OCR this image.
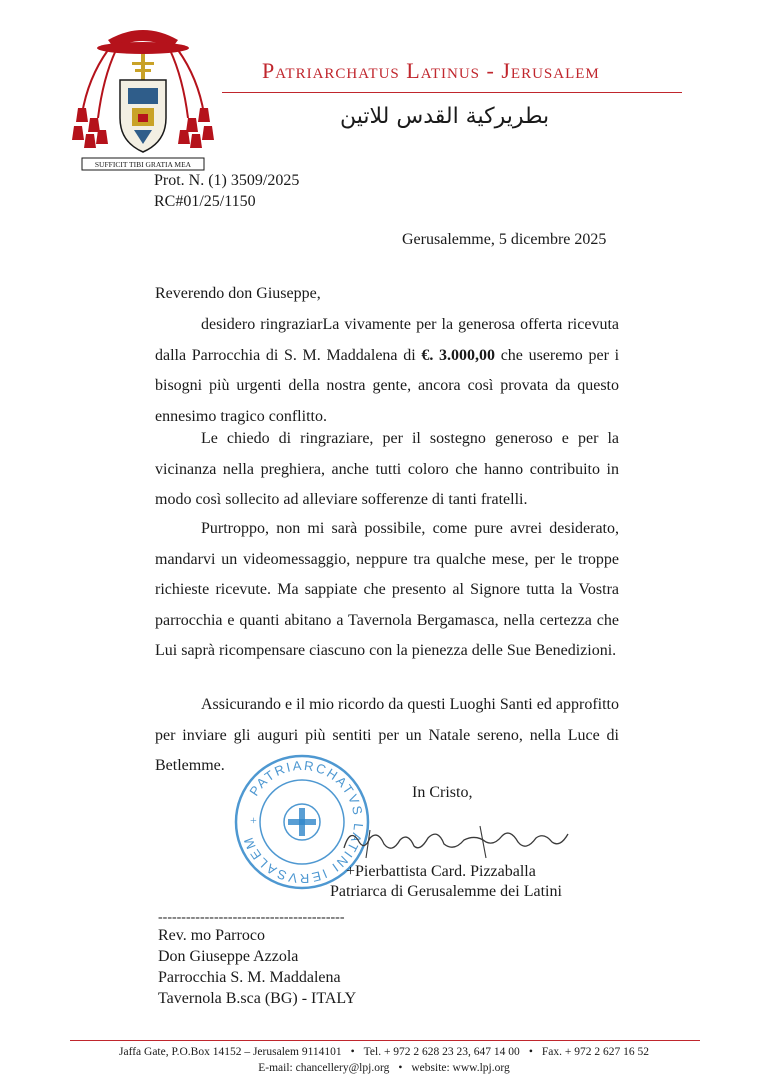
SUFFICIT TIBI GRATIA MEA
Patriarchatus Latinus - Jerusalem
بطريركية القدس للاتين
Prot. N. (1) 3509/2025
RC#01/25/1150
Gerusalemme, 5 dicembre 2025
Reverendo don Giuseppe,

desidero ringraziarLa vivamente per la generosa offerta ricevuta dalla Parrocchia di S. M. Maddalena di €. 3.000,00 che useremo per i bisogni più urgenti della nostra gente, ancora così provata da questo ennesimo tragico conflitto.

Le chiedo di ringraziare, per il sostegno generoso e per la vicinanza nella preghiera, anche tutti coloro che hanno contribuito in modo così sollecito ad alleviare sofferenze di tanti fratelli.

Purtroppo, non mi sarà possibile, come pure avrei desiderato, mandarvi un videomessaggio, neppure tra qualche mese, per le troppe richieste ricevute. Ma sappiate che presento al Signore tutta la Vostra parrocchia e quanti abitano a Tavernola Bergamasca, nella certezza che Lui saprà ricompensare ciascuno con la pienezza delle Sue Benedizioni.

Assicurando e il mio ricordo da questi Luoghi Santi ed approfitto per inviare gli auguri più sentiti per un Natale sereno, nella Luce di Betlemme.

PATRIARCHATVS LATINI IERVSALEM
+
In Cristo,
+Pierbattista Card. Pizzaballa
Patriarca di Gerusalemme dei Latini
----------------------------------------
Rev. mo Parroco
Don Giuseppe Azzola
Parrocchia S. M. Maddalena
Tavernola B.sca (BG) - ITALY
Jaffa Gate, P.O.Box 14152 – Jerusalem 9114101 • Tel. + 972 2 628 23 23, 647 14 00 • Fax. + 972 2 627 16 52
E-mail: chancellery@lpj.org • website: www.lpj.org
